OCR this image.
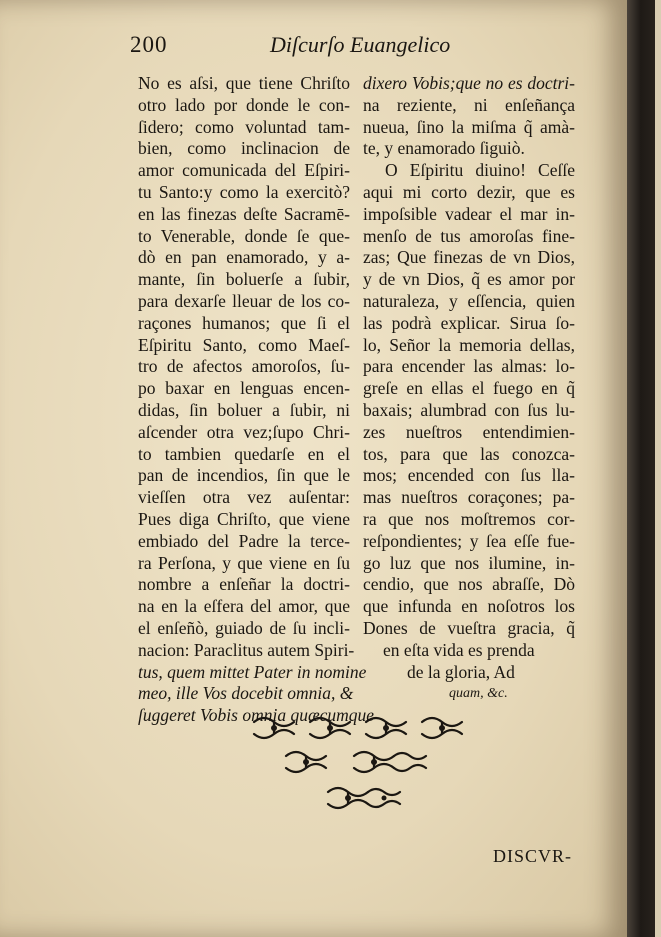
200	Diſcurſo Euangelico
No es aſsi, que tiene Chriſto
otro lado por donde le con-
ſidero; como voluntad tam-
bien, como inclinacion de
amor comunicada del Eſpiri-
tu Santo:y como la exercitò?
en las finezas deſte Sacramē-
to Venerable, donde ſe que-
dò en pan enamorado, y a-
mante, ſin boluerſe a ſubir,
para dexarſe lleuar de los co-
raçones humanos; que ſi el
Eſpiritu Santo, como Maeſ-
tro de afectos amoroſos, ſu-
po baxar en lenguas encen-
didas, ſin boluer a ſubir, ni
aſcender otra vez;ſupo Chri-
to tambien quedarſe en el
pan de incendios, ſin que le
vieſſen otra vez auſentar:
Pues diga Chriſto, que viene
embiado del Padre la terce-
ra Perſona, y que viene en ſu
nombre a enſeñar la doctri-
na en la eſfera del amor, que
el enſeñò, guiado de ſu incli-
nacion: Paraclitus autem Spiri-
tus, quem mittet Pater in nomine
meo, ille Vos docebit omnia, &
ſuggeret Vobis omnia quæcumque
dixero Vobis;que no es doctri-
na reziente, ni enſeñança
nueua, ſino la miſma q̃ amà-
te, y enamorado ſiguiò.
O Eſpiritu diuino! Ceſſe
aqui mi corto dezir, que es
impoſsible vadear el mar in-
menſo de tus amoroſas fine-
zas; Que finezas de vn Dios,
y de vn Dios, q̃ es amor por
naturaleza, y eſſencia, quien
las podrà explicar. Sirua ſo-
lo, Señor la memoria dellas,
para encender las almas: lo-
greſe en ellas el fuego en q̃
baxais; alumbrad con ſus lu-
zes nueſtros entendimien-
tos, para que las conozca-
mos; encended con ſus lla-
mas nueſtros coraçones; pa-
ra que nos moſtremos cor-
reſpondientes; y ſea eſſe fue-
go luz que nos ilumine, in-
cendio, que nos abraſſe, Dò
que infunda en noſotros los
Dones de vueſtra gracia, q̃
en eſta vida es prenda
de la gloria, Ad
quam, &c.
DISCVR-
